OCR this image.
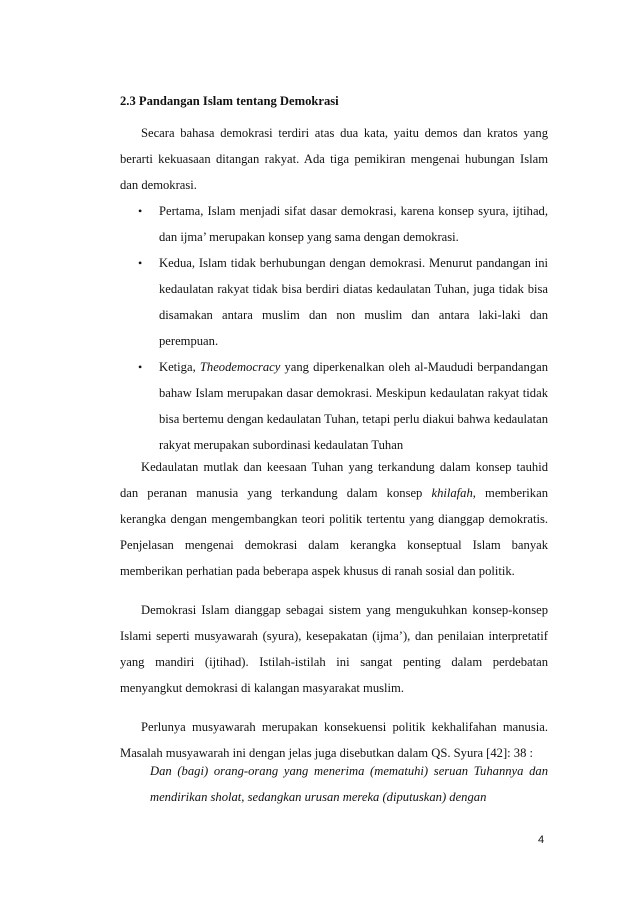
2.3 Pandangan Islam tentang Demokrasi

Secara bahasa demokrasi terdiri atas dua kata, yaitu demos dan kratos yang berarti kekuasaan ditangan rakyat. Ada tiga pemikiran mengenai hubungan Islam dan demokrasi.

• Pertama, Islam menjadi sifat dasar demokrasi, karena konsep syura, ijtihad, dan ijma’ merupakan konsep yang sama dengan demokrasi.
• Kedua, Islam tidak berhubungan dengan demokrasi. Menurut pandangan ini kedaulatan rakyat tidak bisa berdiri diatas kedaulatan Tuhan, juga tidak bisa disamakan antara muslim dan non muslim dan antara laki-laki dan perempuan.
• Ketiga, Theodemocracy yang diperkenalkan oleh al-Maududi berpandangan bahaw Islam merupakan dasar demokrasi. Meskipun kedaulatan rakyat tidak bisa bertemu dengan kedaulatan Tuhan, tetapi perlu diakui bahwa kedaulatan rakyat merupakan subordinasi kedaulatan Tuhan

Kedaulatan mutlak dan keesaan Tuhan yang terkandung dalam konsep tauhid dan peranan manusia yang terkandung dalam konsep khilafah, memberikan kerangka dengan mengembangkan teori politik tertentu yang dianggap demokratis. Penjelasan mengenai demokrasi dalam kerangka konseptual Islam banyak memberikan perhatian pada beberapa aspek khusus di ranah sosial dan politik.

Demokrasi Islam dianggap sebagai sistem yang mengukuhkan konsep-konsep Islami seperti musyawarah (syura), kesepakatan (ijma’), dan penilaian interpretatif yang mandiri (ijtihad). Istilah-istilah ini sangat penting dalam perdebatan menyangkut demokrasi di kalangan masyarakat muslim.

Perlunya musyawarah merupakan konsekuensi politik kekhalifahan manusia. Masalah musyawarah ini dengan jelas juga disebutkan dalam QS. Syura [42]: 38 :

Dan (bagi) orang-orang yang menerima (mematuhi) seruan Tuhannya dan mendirikan sholat, sedangkan urusan mereka (diputuskan) dengan

4
